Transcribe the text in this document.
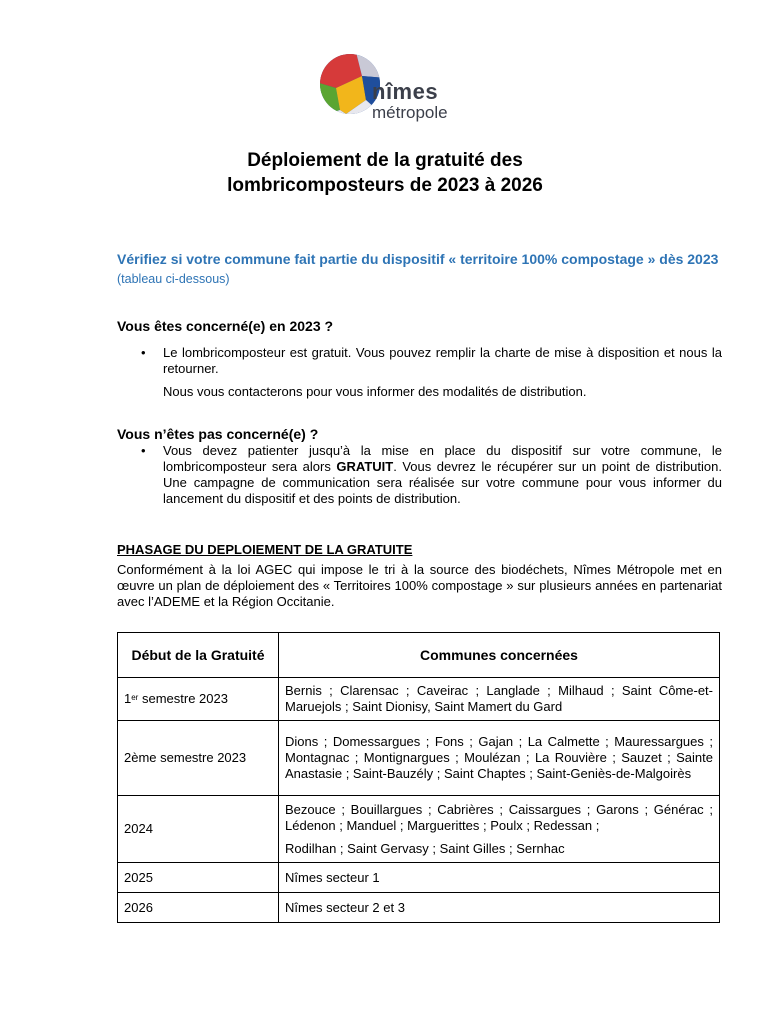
nîmes
métropole
Déploiement de la gratuité des
lombricomposteurs de 2023 à 2026
Vérifiez si votre commune fait partie du dispositif « territoire 100% compostage » dès 2023 (tableau ci-dessous)
Vous êtes concerné(e) en 2023 ?
• Le lombricomposteur est gratuit. Vous pouvez remplir la charte de mise à disposition et nous la retourner.
Nous vous contacterons pour vous informer des modalités de distribution.
Vous n’êtes pas concerné(e) ?
• Vous devez patienter jusqu’à la mise en place du dispositif sur votre commune, le lombricomposteur sera alors GRATUIT. Vous devrez le récupérer sur un point de distribution. Une campagne de communication sera réalisée sur votre commune pour vous informer du lancement du dispositif et des points de distribution.
PHASAGE DU DEPLOIEMENT DE LA GRATUITE
Conformément à la loi AGEC qui impose le tri à la source des biodéchets, Nîmes Métropole met en œuvre un plan de déploiement des « Territoires 100% compostage » sur plusieurs années en partenariat avec l’ADEME et la Région Occitanie.
Début de la Gratuité	Communes concernées
1er semestre 2023	Bernis ; Clarensac ; Caveirac ; Langlade ; Milhaud ; Saint Côme-et-Maruejols ; Saint Dionisy, Saint Mamert du Gard

2ème semestre 2023	Dions ; Domessargues ; Fons ; Gajan ; La Calmette ; Mauressargues ; Montagnac ; Montignargues ; Moulézan ; La Rouvière ; Sauzet ; Sainte Anastasie ; Saint-Bauzély ; Saint Chaptes ; Saint-Geniès-de-Malgoirès

2024	Bezouce ; Bouillargues ; Cabrières ; Caissargues ; Garons ; Générac ; Lédenon ; Manduel ; Marguerittes ; Poulx ; Redessan ;

Rodilhan ; Saint Gervasy ; Saint Gilles ; Sernhac

2025	Nîmes secteur 1

2026	Nîmes secteur 2 et 3
